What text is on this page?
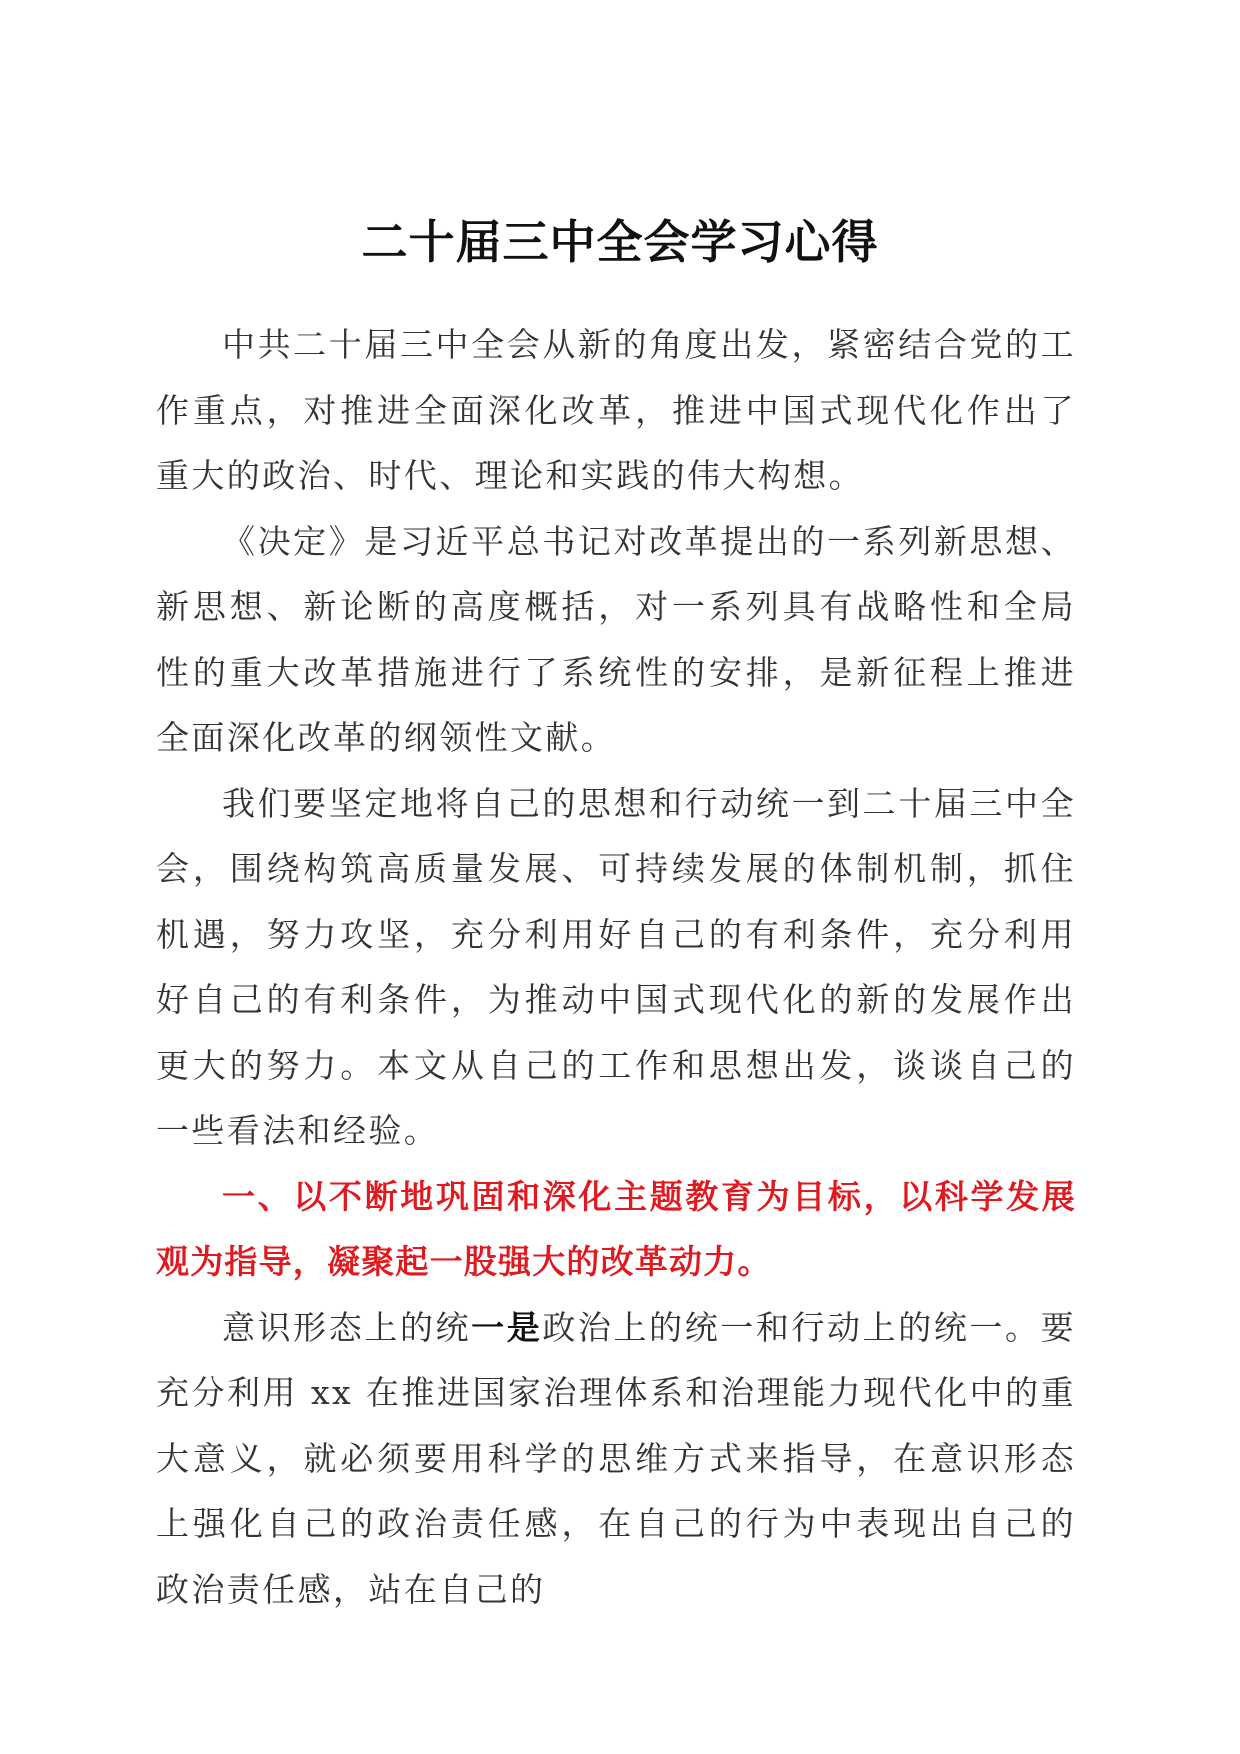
二十届三中全会学习心得

中共二十届三中全会从新的角度出发，紧密结合党的工作重点，对推进全面深化改革，推进中国式现代化作出了重大的政治、时代、理论和实践的伟大构想。

《决定》是习近平总书记对改革提出的一系列新思想、新思想、新论断的高度概括，对一系列具有战略性和全局性的重大改革措施进行了系统性的安排，是新征程上推进全面深化改革的纲领性文献。

我们要坚定地将自己的思想和行动统一到二十届三中全会，围绕构筑高质量发展、可持续发展的体制机制，抓住机遇，努力攻坚，充分利用好自己的有利条件，充分利用好自己的有利条件，为推动中国式现代化的新的发展作出更大的努力。本文从自己的工作和思想出发，谈谈自己的一些看法和经验。

一、以不断地巩固和深化主题教育为目标，以科学发展观为指导，凝聚起一股强大的改革动力。

意识形态上的统一是政治上的统一和行动上的统一。要充分利用 xx 在推进国家治理体系和治理能力现代化中的重大意义，就必须要用科学的思维方式来指导，在意识形态上强化自己的政治责任感，在自己的行为中表现出自己的政治责任感，站在自己的
